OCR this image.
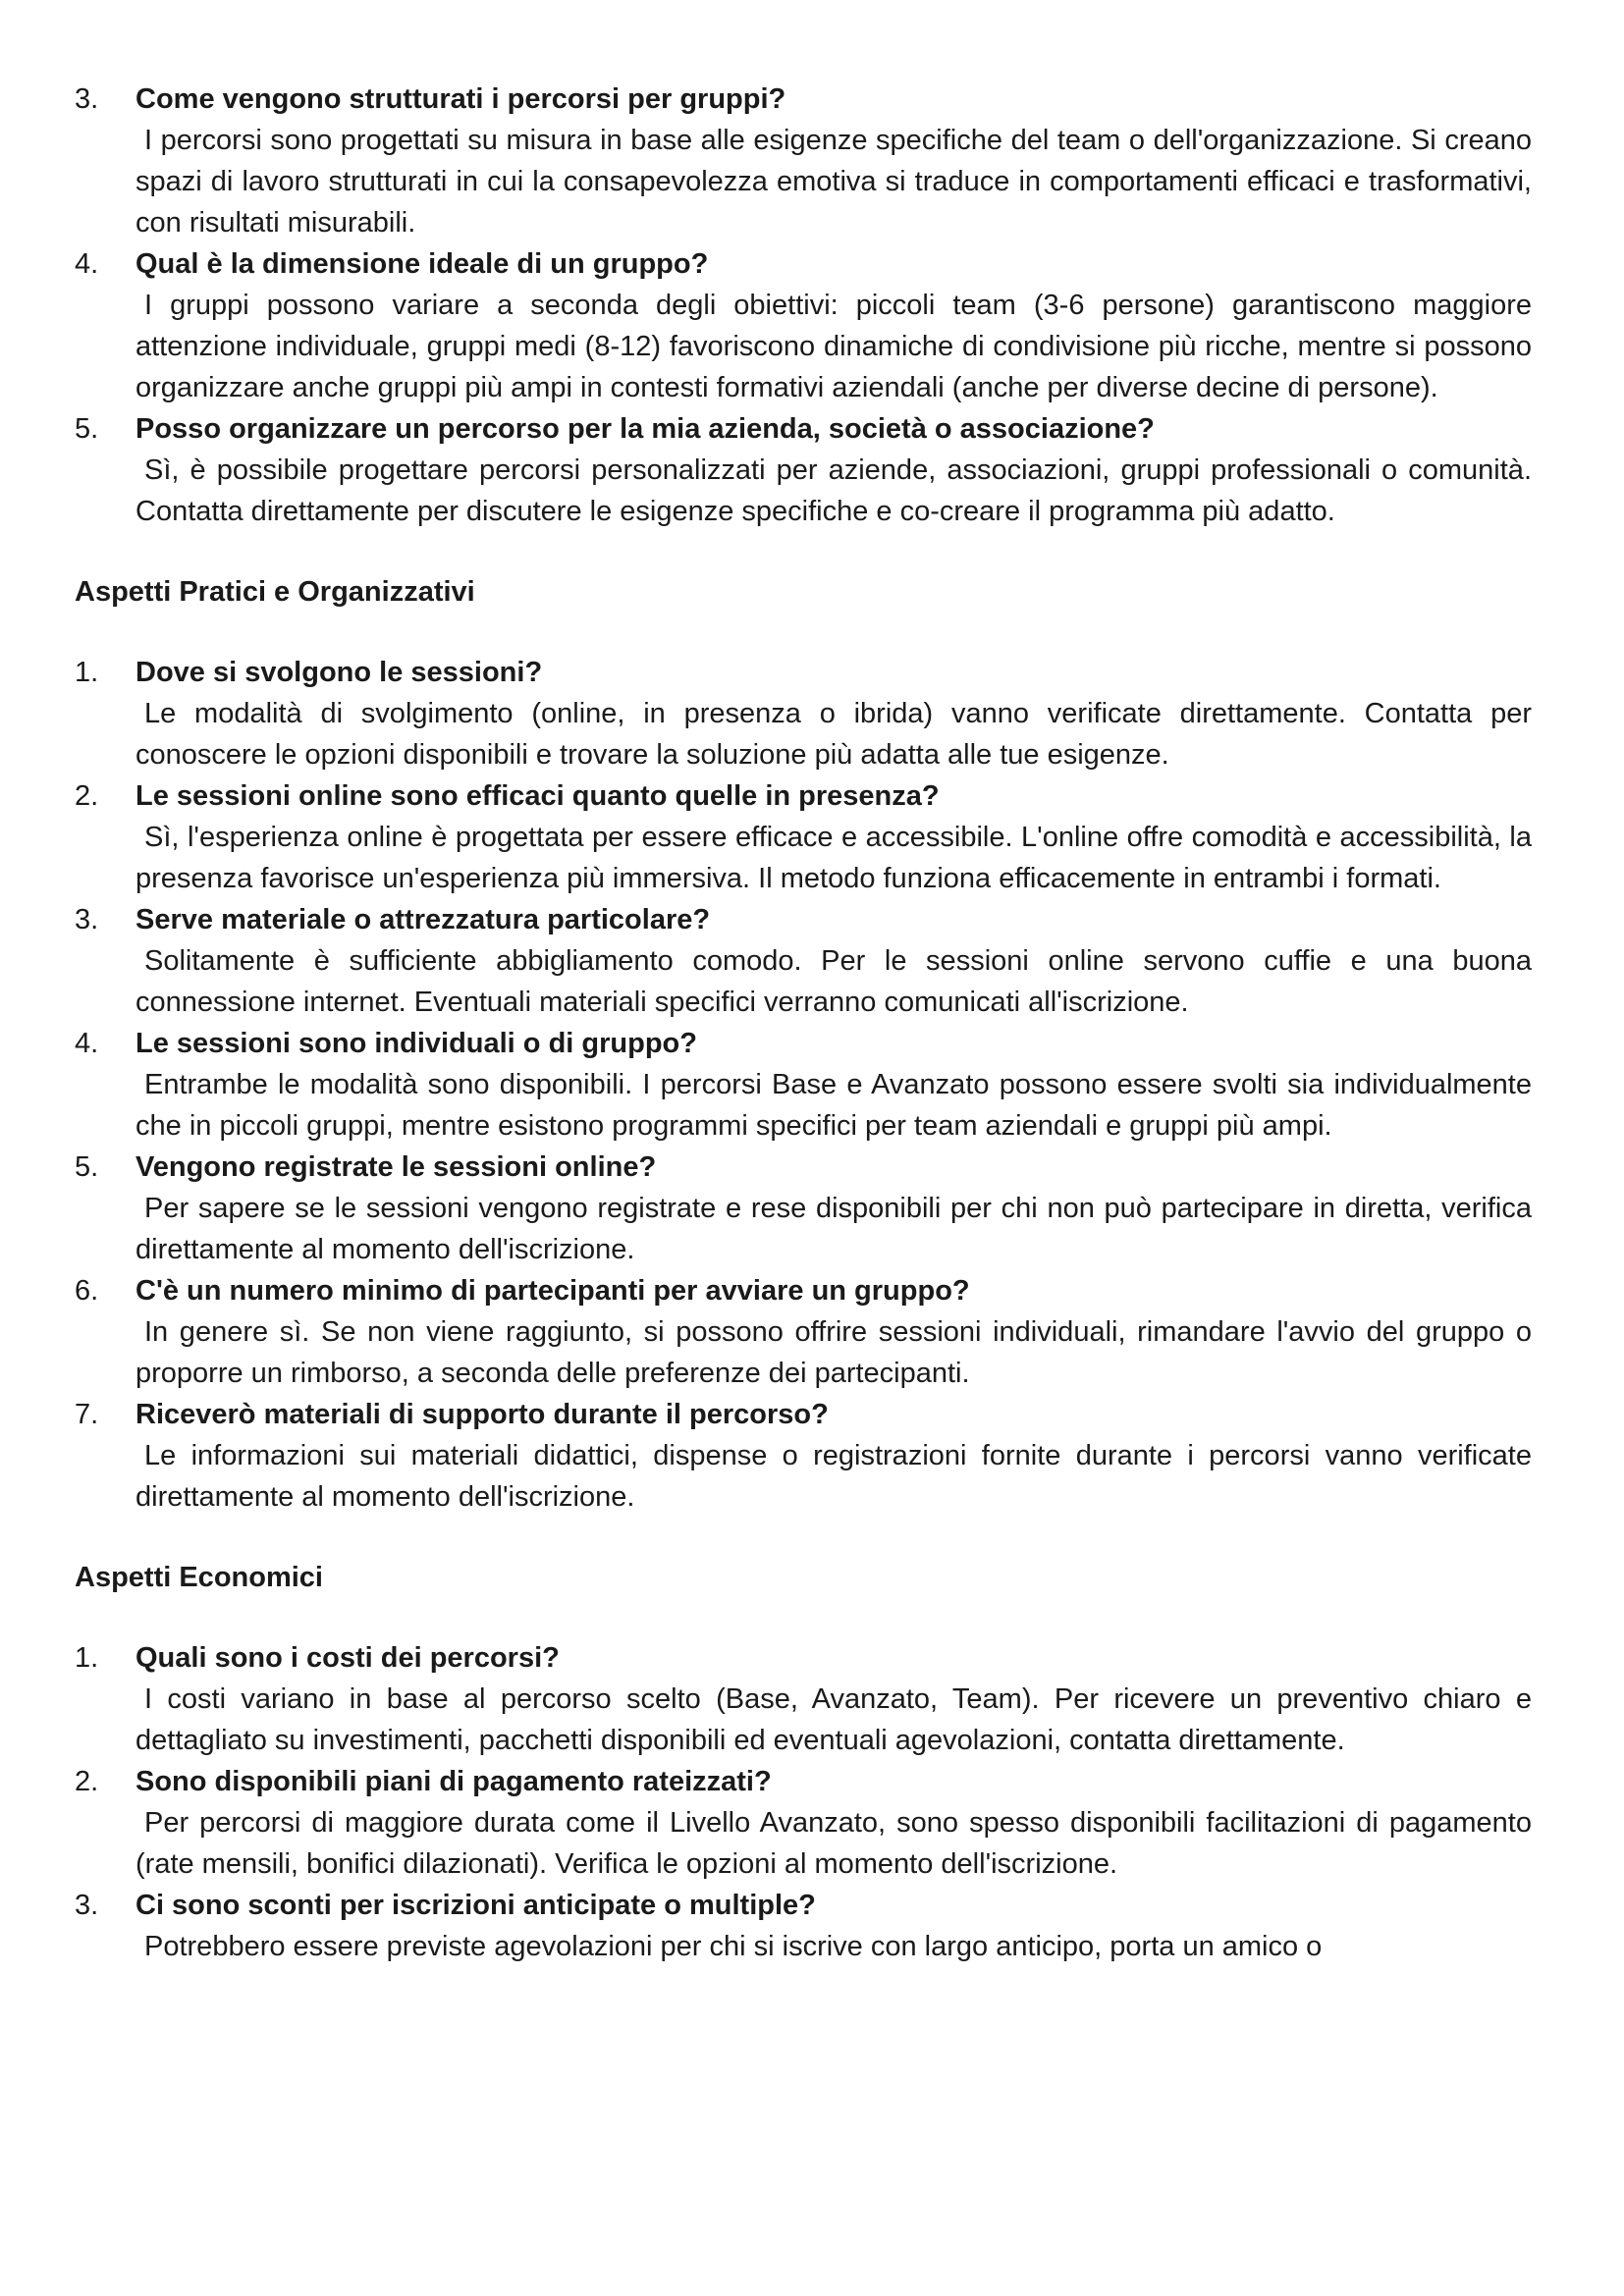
3.	Come vengono strutturati i percorsi per gruppi?
I percorsi sono progettati su misura in base alle esigenze specifiche del team o dell'organizzazione. Si creano spazi di lavoro strutturati in cui la consapevolezza emotiva si traduce in comportamenti efficaci e trasformativi, con risultati misurabili.
4.	Qual è la dimensione ideale di un gruppo?
I gruppi possono variare a seconda degli obiettivi: piccoli team (3-6 persone) garantiscono maggiore attenzione individuale, gruppi medi (8-12) favoriscono dinamiche di condivisione più ricche, mentre si possono organizzare anche gruppi più ampi in contesti formativi aziendali (anche per diverse decine di persone).
5.	Posso organizzare un percorso per la mia azienda, società o associazione?
Sì, è possibile progettare percorsi personalizzati per aziende, associazioni, gruppi professionali o comunità. Contatta direttamente per discutere le esigenze specifiche e co-creare il programma più adatto.
Aspetti Pratici e Organizzativi
1.	Dove si svolgono le sessioni?
Le modalità di svolgimento (online, in presenza o ibrida) vanno verificate direttamente. Contatta per conoscere le opzioni disponibili e trovare la soluzione più adatta alle tue esigenze.
2.	Le sessioni online sono efficaci quanto quelle in presenza?
Sì, l'esperienza online è progettata per essere efficace e accessibile. L'online offre comodità e accessibilità, la presenza favorisce un'esperienza più immersiva. Il metodo funziona efficacemente in entrambi i formati.
3.	Serve materiale o attrezzatura particolare?
Solitamente è sufficiente abbigliamento comodo. Per le sessioni online servono cuffie e una buona connessione internet. Eventuali materiali specifici verranno comunicati all'iscrizione.
4.	Le sessioni sono individuali o di gruppo?
Entrambe le modalità sono disponibili. I percorsi Base e Avanzato possono essere svolti sia individualmente che in piccoli gruppi, mentre esistono programmi specifici per team aziendali e gruppi più ampi.
5.	Vengono registrate le sessioni online?
Per sapere se le sessioni vengono registrate e rese disponibili per chi non può partecipare in diretta, verifica direttamente al momento dell'iscrizione.
6.	C'è un numero minimo di partecipanti per avviare un gruppo?
In genere sì. Se non viene raggiunto, si possono offrire sessioni individuali, rimandare l'avvio del gruppo o proporre un rimborso, a seconda delle preferenze dei partecipanti.
7.	Riceverò materiali di supporto durante il percorso?
Le informazioni sui materiali didattici, dispense o registrazioni fornite durante i percorsi vanno verificate direttamente al momento dell'iscrizione.
Aspetti Economici
1.	Quali sono i costi dei percorsi?
I costi variano in base al percorso scelto (Base, Avanzato, Team). Per ricevere un preventivo chiaro e dettagliato su investimenti, pacchetti disponibili ed eventuali agevolazioni, contatta direttamente.
2.	Sono disponibili piani di pagamento rateizzati?
Per percorsi di maggiore durata come il Livello Avanzato, sono spesso disponibili facilitazioni di pagamento (rate mensili, bonifici dilazionati). Verifica le opzioni al momento dell'iscrizione.
3.	Ci sono sconti per iscrizioni anticipate o multiple?
Potrebbero essere previste agevolazioni per chi si iscrive con largo anticipo, porta un amico o
